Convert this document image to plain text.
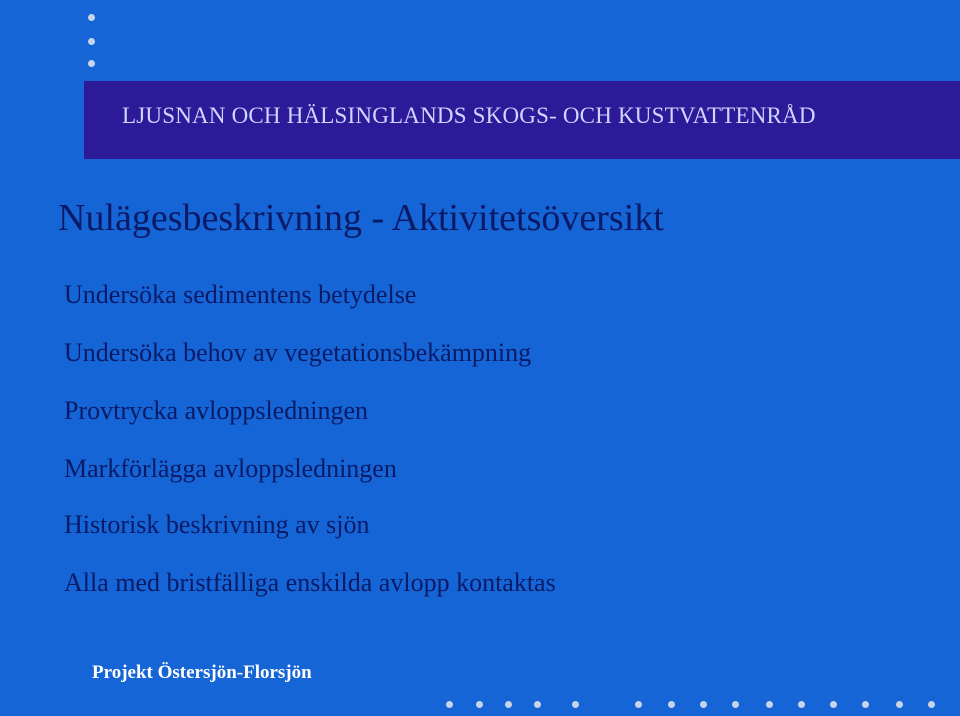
LJUSNAN OCH HÄLSINGLANDS SKOGS- OCH KUSTVATTENRÅD
Nulägesbeskrivning - Aktivitetsöversikt
Undersöka sedimentens betydelse
Undersöka behov av vegetationsbekämpning
Provtrycka avloppsledningen
Markförlägga avloppsledningen
Historisk beskrivning av sjön
Alla med bristfälliga enskilda avlopp kontaktas
Projekt Östersjön-Florsjön
